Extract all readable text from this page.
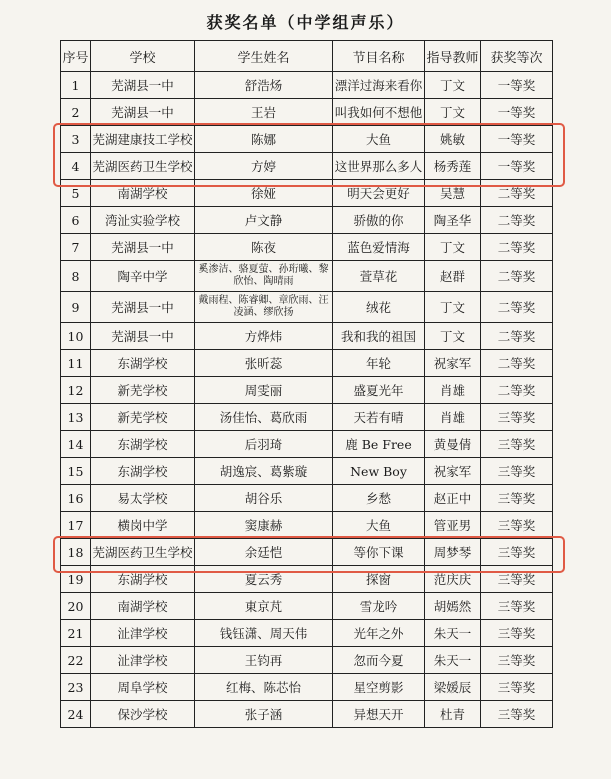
获奖名单（中学组声乐）
序号	学校	学生姓名	节目名称	指导教师	获奖等次
1	芜湖县一中	舒浩炀	漂洋过海来看你	丁文	一等奖
2	芜湖县一中	王岩	叫我如何不想他	丁文	一等奖
3	芜湖建康技工学校	陈娜	大鱼	姚敏	一等奖
4	芜湖医药卫生学校	方婷	这世界那么多人	杨秀莲	一等奖
5	南湖学校	徐娅	明天会更好	吴慧	二等奖
6	湾沚实验学校	卢文静	骄傲的你	陶圣华	二等奖
7	芜湖县一中	陈夜	蓝色爱情海	丁文	二等奖
8	陶辛中学	奚渗洁、骆夏萤、孙珩曦、黎欣怡、陶晴雨	萱草花	赵群	二等奖
9	芜湖县一中	戴雨程、陈睿卿、章欣雨、汪凌涵、缪欣扬	绒花	丁文	二等奖
10	芜湖县一中	方烨炜	我和我的祖国	丁文	二等奖
11	东湖学校	张昕蕊	年轮	祝家军	二等奖
12	新芜学校	周雯丽	盛夏光年	肖雄	二等奖
13	新芜学校	汤佳怡、葛欣雨	天若有晴	肖雄	三等奖
14	东湖学校	后羽琦	鹿 Be Free	黄曼倩	三等奖
15	东湖学校	胡逸宸、葛紫璇	New Boy	祝家军	三等奖
16	易太学校	胡谷乐	乡愁	赵正中	三等奖
17	横岗中学	窦康赫	大鱼	管亚男	三等奖
18	芜湖医药卫生学校	余廷恺	等你下课	周梦琴	三等奖
19	东湖学校	夏云秀	探窗	范庆庆	三等奖
20	南湖学校	東京芃	雪龙吟	胡嫣然	三等奖
21	沚津学校	钱钰潇、周天伟	光年之外	朱天一	三等奖
22	沚津学校	王钧再	忽而今夏	朱天一	三等奖
23	周阜学校	红梅、陈芯怡	星空剪影	梁媛辰	三等奖
24	保沙学校	张子涵	异想天开	杜青	三等奖
